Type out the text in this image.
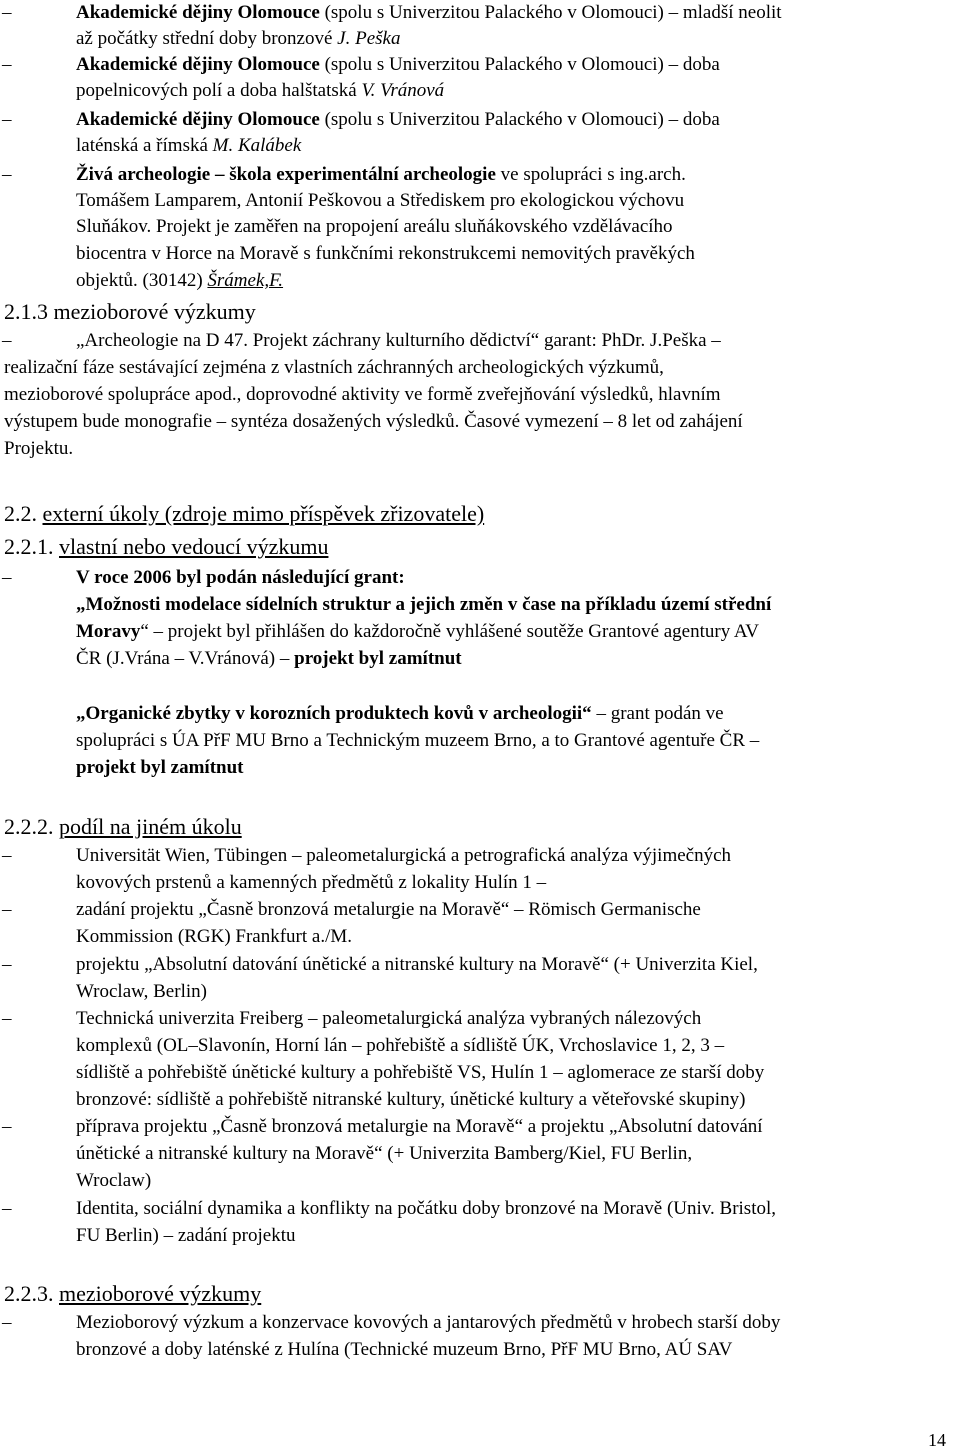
–	Akademické dějiny Olomouce (spolu s Univerzitou Palackého v Olomouci) – mladší neolit
až počátky střední doby bronzové J. Peška
–	Akademické dějiny Olomouce (spolu s Univerzitou Palackého v Olomouci) – doba
popelnicových polí a doba halštatská V. Vránová
–	Akademické dějiny Olomouce (spolu s Univerzitou Palackého v Olomouci) – doba
laténská a římská M. Kalábek
–	Živá archeologie – škola experimentální archeologie ve spolupráci s ing.arch.
Tomášem Lamparem, Antonií Peškovou a Střediskem pro ekologickou výchovu
Sluňákov. Projekt je zaměřen na propojení areálu sluňákovského vzdělávacího
biocentra v Horce na Moravě s funkčními rekonstrukcemi nemovitých pravěkých
objektů. (30142) Šrámek,F.
2.1.3 mezioborové výzkumy
–	„Archeologie na D 47. Projekt záchrany kulturního dědictví“ garant: PhDr. J.Peška –
realizační fáze sestávající zejména z vlastních záchranných archeologických výzkumů,
mezioborové spolupráce apod., doprovodné aktivity ve formě zveřejňování výsledků, hlavním
výstupem bude monografie – syntéza dosažených výsledků. Časové vymezení – 8 let od zahájení
Projektu.
2.2. externí úkoly (zdroje mimo příspěvek zřizovatele)
2.2.1. vlastní nebo vedoucí výzkumu
–	V roce 2006 byl podán následující grant:
„Možnosti modelace sídelních struktur a jejich změn v čase na příkladu území střední
Moravy“ – projekt byl přihlášen do každoročně vyhlášené soutěže Grantové agentury AV
ČR (J.Vrána – V.Vránová) – projekt byl zamítnut
„Organické zbytky v korozních produktech kovů v archeologii“ – grant podán ve
spolupráci s ÚA PřF MU Brno a Technickým muzeem Brno, a to Grantové agentuře ČR –
projekt byl zamítnut
2.2.2. podíl na jiném úkolu
–	Universität Wien, Tübingen – paleometalurgická a petrografická analýza výjimečných
kovových prstenů a kamenných předmětů z lokality Hulín 1 –
–	zadání projektu „Časně bronzová metalurgie na Moravě“ – Römisch Germanische
Kommission (RGK) Frankfurt a./M.
–	projektu „Absolutní datování únětické a nitranské kultury na Moravě“ (+ Univerzita Kiel,
Wroclaw, Berlin)
–	Technická univerzita Freiberg – paleometalurgická analýza vybraných nálezových
komplexů (OL–Slavonín, Horní lán – pohřebiště a sídliště ÚK, Vrchoslavice 1, 2, 3 –
sídliště a pohřebiště únětické kultury a pohřebiště VS, Hulín 1 – aglomerace ze starší doby
bronzové: sídliště a pohřebiště nitranské kultury, únětické kultury a věteřovské skupiny)
–	příprava projektu „Časně bronzová metalurgie na Moravě“ a projektu „Absolutní datování
únětické a nitranské kultury na Moravě“ (+ Univerzita Bamberg/Kiel, FU Berlin,
Wroclaw)
–	Identita, sociální dynamika a konflikty na počátku doby bronzové na Moravě (Univ. Bristol,
FU Berlin) – zadání projektu
2.2.3. mezioborové výzkumy
–	Mezioborový výzkum a konzervace kovových a jantarových předmětů v hrobech starší doby
bronzové a doby laténské z Hulína (Technické muzeum Brno, PřF MU Brno, AÚ SAV
14
